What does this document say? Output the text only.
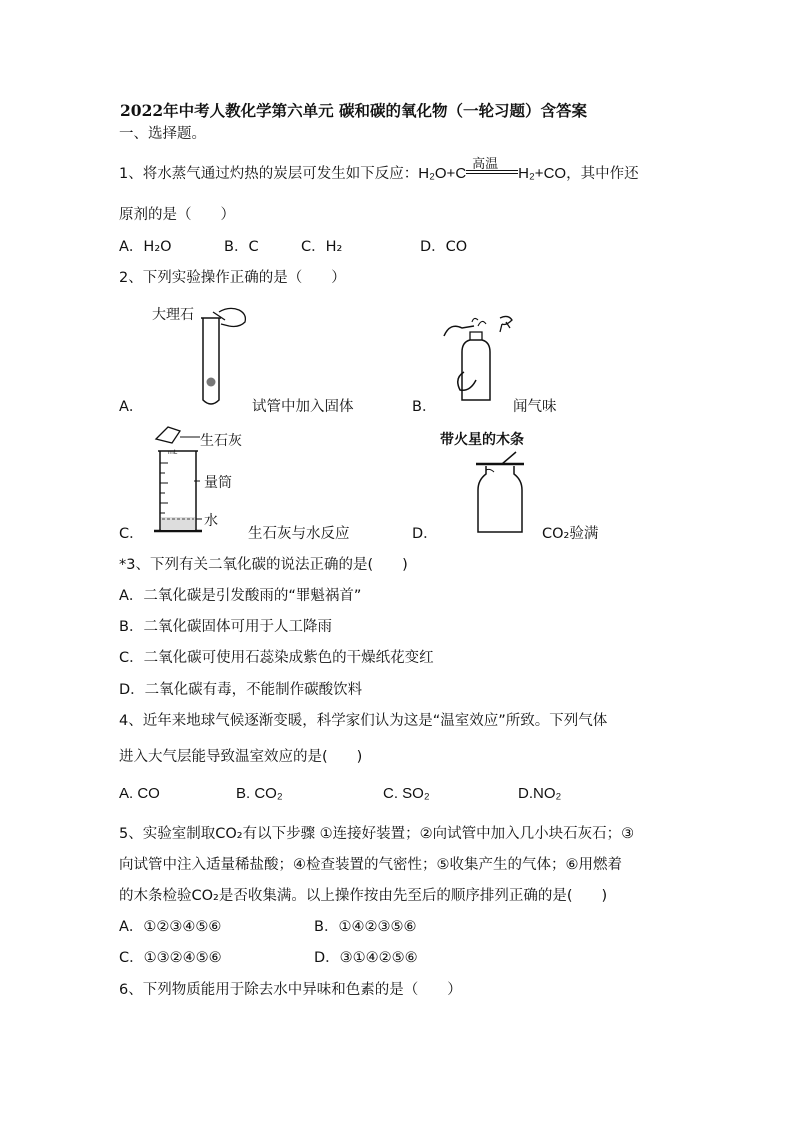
2022年中考人教化学第六单元 碳和碳的氧化物（一轮习题）含答案
一、选择题。
1、将水蒸气通过灼热的炭层可发生如下反应：H₂O+C
高温
H₂+CO，其中作还
原剂的是（　　）
A．H₂O	B．C	C．H₂	D．CO
2、下列实验操作正确的是（　　）
大理石
A．	试管中加入固体	B．	闻气味
mL
生石灰
量筒
水
C．	生石灰与水反应
带火星的木条
D．	CO₂验满
*3、下列有关二氧化碳的说法正确的是(　　)
A．二氧化碳是引发酸雨的“罪魁祸首”
B．二氧化碳固体可用于人工降雨
C．二氧化碳可使用石蕊染成紫色的干燥纸花变红
D．二氧化碳有毒，不能制作碳酸饮料
4、近年来地球气候逐渐变暖，科学家们认为这是“温室效应”所致。下列气体
进入大气层能导致温室效应的是(　　)
A. CO	B. CO₂	C. SO₂	D.NO₂
5、实验室制取CO₂有以下步骤 ①连接好装置；②向试管中加入几小块石灰石；③
向试管中注入适量稀盐酸；④检查装置的气密性；⑤收集产生的气体；⑥用燃着
的木条检验CO₂是否收集满。以上操作按由先至后的顺序排列正确的是(　　)
A．①②③④⑤⑥	B．①④②③⑤⑥
C．①③②④⑤⑥	D．③①④②⑤⑥
6、下列物质能用于除去水中异味和色素的是（　　）
